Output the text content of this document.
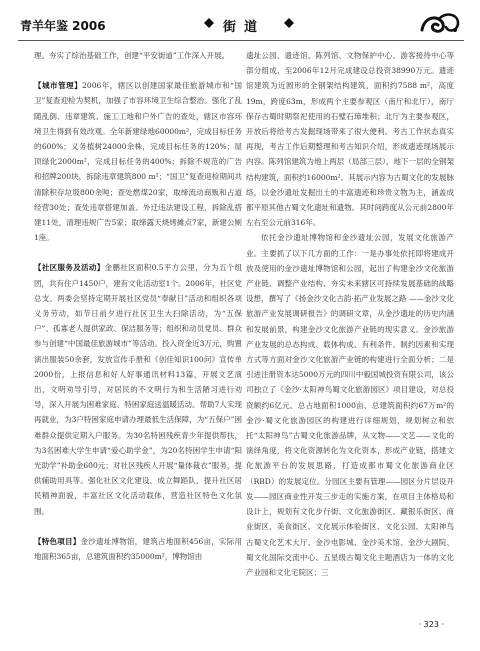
青羊年鉴 2006	街道

理。夯实了综治基础工作，创建“平安街道”工作深入开展。

【城市管理】2006年，辖区以创建国家最佳旅游城市和“国卫”复查迎检为契机，加强了市容环境卫生综合整治。强化了乱随乱倒、违章建筑、施工工地和户外广告的查处，辖区市容环境卫生得到有效改观。全年新建绿地60000m²，完成目标任务的600%；义务植树24000余株，完成目标任务的120%；屋顶绿化2000m²，完成目标任务的400%；拆除不规范的广告和招牌200块，拆除违章建筑800 m²；“国卫”复查迎检期间共清除积存垃圾800余吨；查处燃煤20家，取缔流动商贩和占道经营30处；查处违章搭建加盖、外迁违法建设工程，拆除乱搭建11处，清理违规广告5家；取缔露天烧烤摊点7家，新建公厕1座。

【社区服务及活动】金鹏社区面积0.5平方公里，分为五个组团，共有住户1450户，建有文化活动室1个。2006年，社区党总支、两委会坚持定期开展社区党员“奉献日”活动和组织各项义务劳动，如节日前夕进行社区卫生大扫除活动，为“五保户”、孤寡老人提供家政、保洁服务等；组织和动员党员、群众参与创建“中国最佳旅游城市”等活动。投入资金近3万元，购置演出服装50余套，发放宣传手册和《创佳知识100问》宣传单2000份，上报信息和好人好事通讯材料13篇，开展文艺演出，文明劝导引导，对居民的不文明行为和生活陋习进行劝导，深入开展为困难家庭、特困家庭送温暖活动。帮助7人实现再就业，为3户特困家庭申请办理最低生活保障，为“五保户”困难群众提供定期入户服务。为30名特困残疾青少年提供帮扶，为3名困难大学生申请“爱心助学金”，为20名特困学生申请“阳光助学”补助金600元；对社区残疾人开展“量体裁衣”服务，提供辅助用具等。强化社区文化建设，成立舞蹈队，提升社区居民精神面貌，丰富社区文化活动载体，营造社区特色文化氛围。

【特色项目】金沙遗址博物馆，建筑占地面积456亩，实际用地面积365亩，总建筑面积约35000m²，博物馆由

遗址公园、遗迹馆、陈列馆、文物保护中心、游客接待中心等部分组成，至2006年12月完成建设总投资38990万元。遗迹馆建筑为近圆形的全钢架结构建筑，面积约7588 m²，高度19m，跨度63m，形成两个主要参观区（南厅和北厅），南厅保存古蜀时期祭祀使用的石璧石璋堆积；北厅为主要参观区，开放后将给考古发掘现场带来了很大便利。考古工作状态真实再现，考古工作后期整理和考古知识介绍，形成遗迹现场展示内容。陈列馆建筑为地上两层（局部三层），地下一层的全钢架结构建筑，面积约16000m²。其展示内容为古蜀文化的发展脉络，以金沙遗址发掘出土的丰富遗迹和珍贵文物为主，涵盖成都平原其他古蜀文化遗址和遗物。其时间跨度从公元前2800年左右至公元前316年。

依托金沙遗址博物馆和金沙遗址公园，发展文化旅游产业。主要抓了以下几方面的工作：一是办事处依托即将建成开放及使用的金沙遗址博物馆和公园，起出了构建金沙文化旅游产业链、调整产业结构、夯实未来辖区可持续发展基础的战略设想，撰写了《扬金沙文化古韵·拓产业发展之路 ——金沙文化旅游产业发展调研报告》的调研文章，从金沙遗址的历史内涵和发展前景，构建金沙文化旅游产业链的现实意义、金沙旅游产业发展的总态构成、载体构成、有利条件、制约因素和实现方式等方面对金沙文化旅游产业链的构建进行全面分析；二是引进注册资本达5000万元的四川中毅国城投资有限公司，该公司独立了《金沙·太阳神鸟蜀文化旅游园区》项目建设，对总投资额约6亿元、总占地面积1000亩、总建筑面积约67万m²的金沙·蜀文化旅游园区的构建进行详细规划，规划树立和依托“太阳神鸟”古蜀文化旅游品牌，从文物——文艺——文化的演绎角度，将文化资源转化为文化资本，形成产业链，搭建文化旅游平台的发展思路，打造成都市蜀文化旅游商业区（RBD）的发展定位。分园区主要有管理——园区分片层设开发——园区商业性开发三步走的实施方案，在项目主体格局和设计上，规划有文化步行街、文化旅游街区、藏银乐街区、商业街区、美食街区、文化展示体验街区、文化公园、太阳神鸟古蜀文化艺术大厅、金沙电影城、金沙美术馆、金沙大剧院、蜀文化国际交流中心、五星级古蜀文化主题酒店为一体的文化产业园和文化宅院区；三

· 323 ·
